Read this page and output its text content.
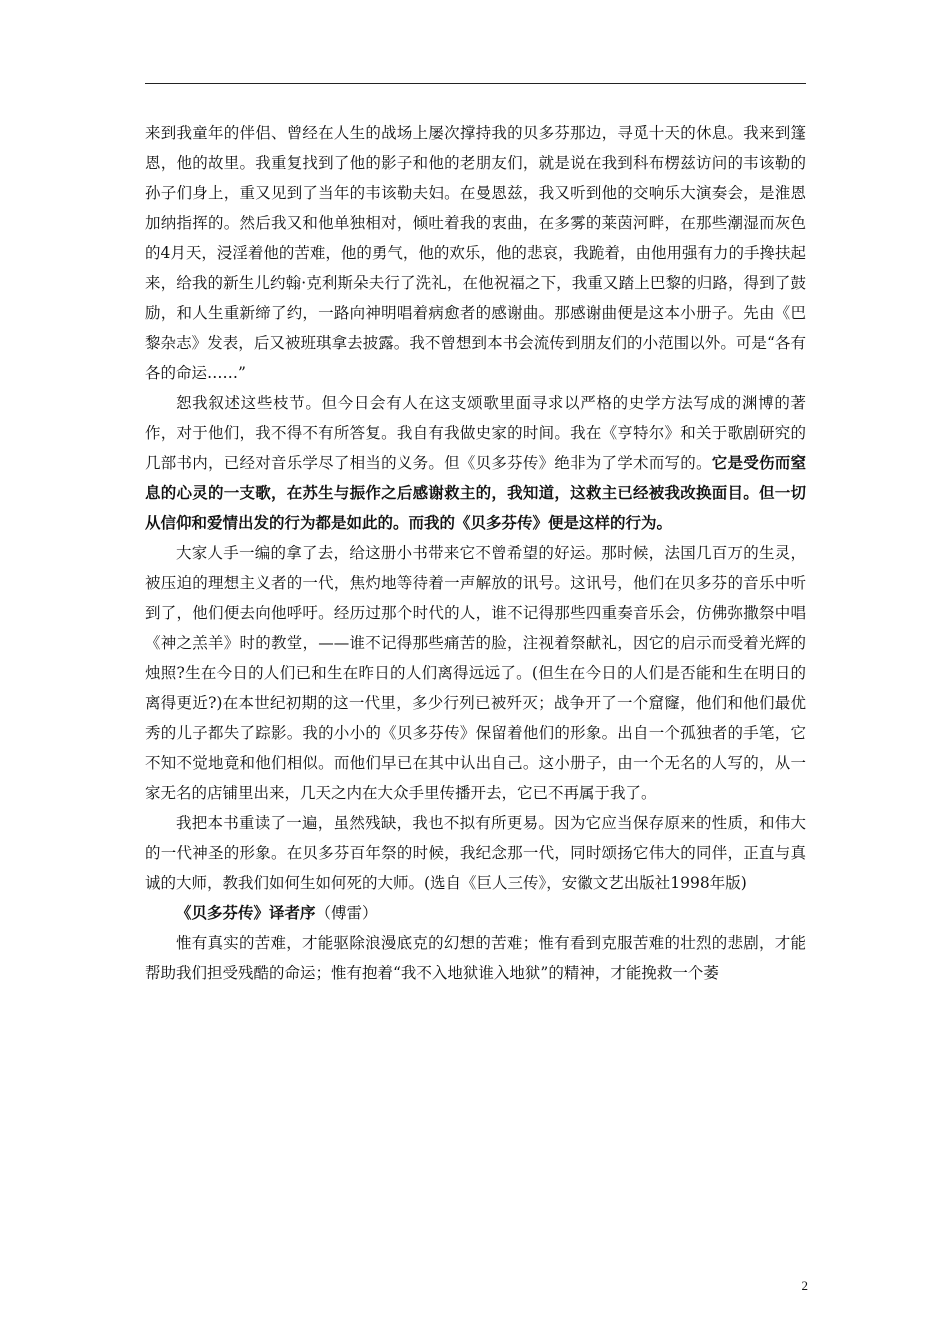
来到我童年的伴侣、曾经在人生的战场上屡次撑持我的贝多芬那边，寻觅十天的休息。我来到篷恩，他的故里。我重复找到了他的影子和他的老朋友们，就是说在我到科布楞兹访问的韦该勒的孙子们身上，重又见到了当年的韦该勒夫妇。在曼恩兹，我又听到他的交响乐大演奏会，是淮恩加纳指挥的。然后我又和他单独相对，倾吐着我的衷曲，在多雾的莱茵河畔，在那些潮湿而灰色的4月天，浸淫着他的苦难，他的勇气，他的欢乐，他的悲哀，我跪着，由他用强有力的手搀扶起来，给我的新生儿约翰·克利斯朵夫行了洗礼，在他祝福之下，我重又踏上巴黎的归路，得到了鼓励，和人生重新缔了约，一路向神明唱着病愈者的感谢曲。那感谢曲便是这本小册子。先由《巴黎杂志》发表，后又被班琪拿去披露。我不曾想到本书会流传到朋友们的小范围以外。可是“各有各的命运……”

恕我叙述这些枝节。但今日会有人在这支颂歌里面寻求以严格的史学方法写成的渊博的著作，对于他们，我不得不有所答复。我自有我做史家的时间。我在《亨特尔》和关于歌剧研究的几部书内，已经对音乐学尽了相当的义务。但《贝多芬传》绝非为了学术而写的。它是受伤而窒息的心灵的一支歌，在苏生与振作之后感谢救主的，我知道，这救主已经被我改换面目。但一切从信仰和爱情出发的行为都是如此的。而我的《贝多芬传》便是这样的行为。

大家人手一编的拿了去，给这册小书带来它不曾希望的好运。那时候，法国几百万的生灵，被压迫的理想主义者的一代，焦灼地等待着一声解放的讯号。这讯号，他们在贝多芬的音乐中听到了，他们便去向他呼吁。经历过那个时代的人，谁不记得那些四重奏音乐会，仿佛弥撒祭中唱《神之羔羊》时的教堂，——谁不记得那些痛苦的脸，注视着祭献礼，因它的启示而受着光辉的烛照?生在今日的人们已和生在昨日的人们离得远远了。(但生在今日的人们是否能和生在明日的离得更近?)在本世纪初期的这一代里，多少行列已被歼灭；战争开了一个窟窿，他们和他们最优秀的儿子都失了踪影。我的小小的《贝多芬传》保留着他们的形象。出自一个孤独者的手笔，它不知不觉地竟和他们相似。而他们早已在其中认出自己。这小册子，由一个无名的人写的，从一家无名的店铺里出来，几天之内在大众手里传播开去，它已不再属于我了。

我把本书重读了一遍，虽然残缺，我也不拟有所更易。因为它应当保存原来的性质，和伟大的一代神圣的形象。在贝多芬百年祭的时候，我纪念那一代，同时颂扬它伟大的同伴，正直与真诚的大师，教我们如何生如何死的大师。(选自《巨人三传》，安徽文艺出版社1998年版)

《贝多芬传》译者序（傅雷）

惟有真实的苦难，才能驱除浪漫底克的幻想的苦难；惟有看到克服苦难的壮烈的悲剧，才能帮助我们担受残酷的命运；惟有抱着“我不入地狱谁入地狱”的精神，才能挽救一个萎

2
